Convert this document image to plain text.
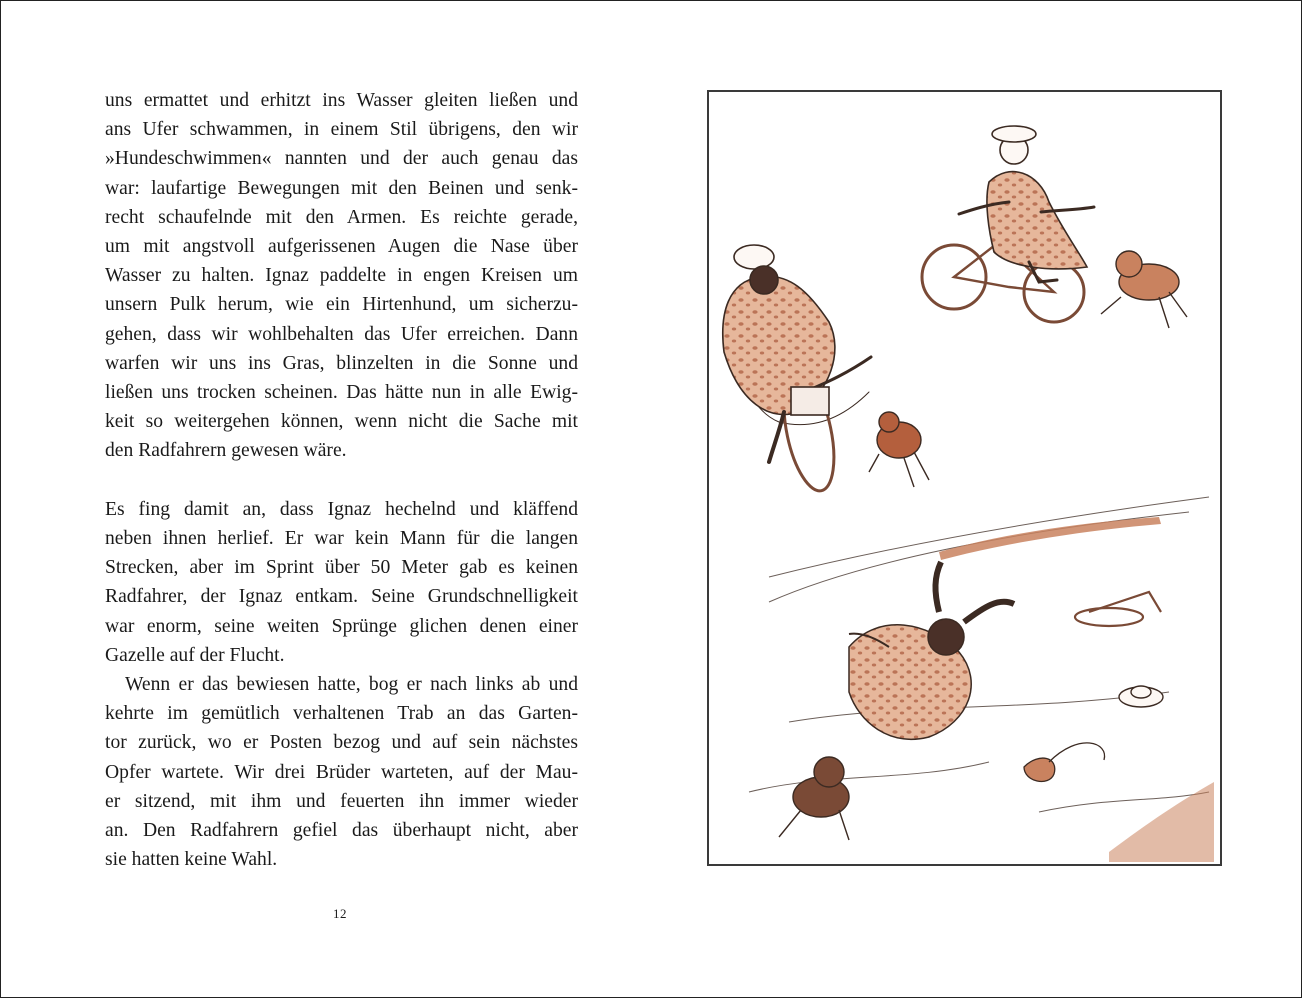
uns ermattet und erhitzt ins Wasser gleiten ließen und
ans Ufer schwammen, in einem Stil übrigens, den wir
»Hundeschwimmen« nannten und der auch genau das
war: laufartige Bewegungen mit den Beinen und senk-
recht schaufelnde mit den Armen. Es reichte gerade,
um mit angstvoll aufgerissenen Augen die Nase über
Wasser zu halten. Ignaz paddelte in engen Kreisen um
unsern Pulk herum, wie ein Hirtenhund, um sicherzu-
gehen, dass wir wohlbehalten das Ufer erreichen. Dann
warfen wir uns ins Gras, blinzelten in die Sonne und
ließen uns trocken scheinen. Das hätte nun in alle Ewig-
keit so weitergehen können, wenn nicht die Sache mit
den Radfahrern gewesen wäre.

Es fing damit an, dass Ignaz hechelnd und kläffend
neben ihnen herlief. Er war kein Mann für die langen
Strecken, aber im Sprint über 50 Meter gab es keinen
Radfahrer, der Ignaz entkam. Seine Grundschnelligkeit
war enorm, seine weiten Sprünge glichen denen einer
Gazelle auf der Flucht.

Wenn er das bewiesen hatte, bog er nach links ab und
kehrte im gemütlich verhaltenen Trab an das Garten-
tor zurück, wo er Posten bezog und auf sein nächstes
Opfer wartete. Wir drei Brüder warteten, auf der Mau-
er sitzend, mit ihm und feuerten ihn immer wieder
an. Den Radfahrern gefiel das überhaupt nicht, aber
sie hatten keine Wahl.

12
